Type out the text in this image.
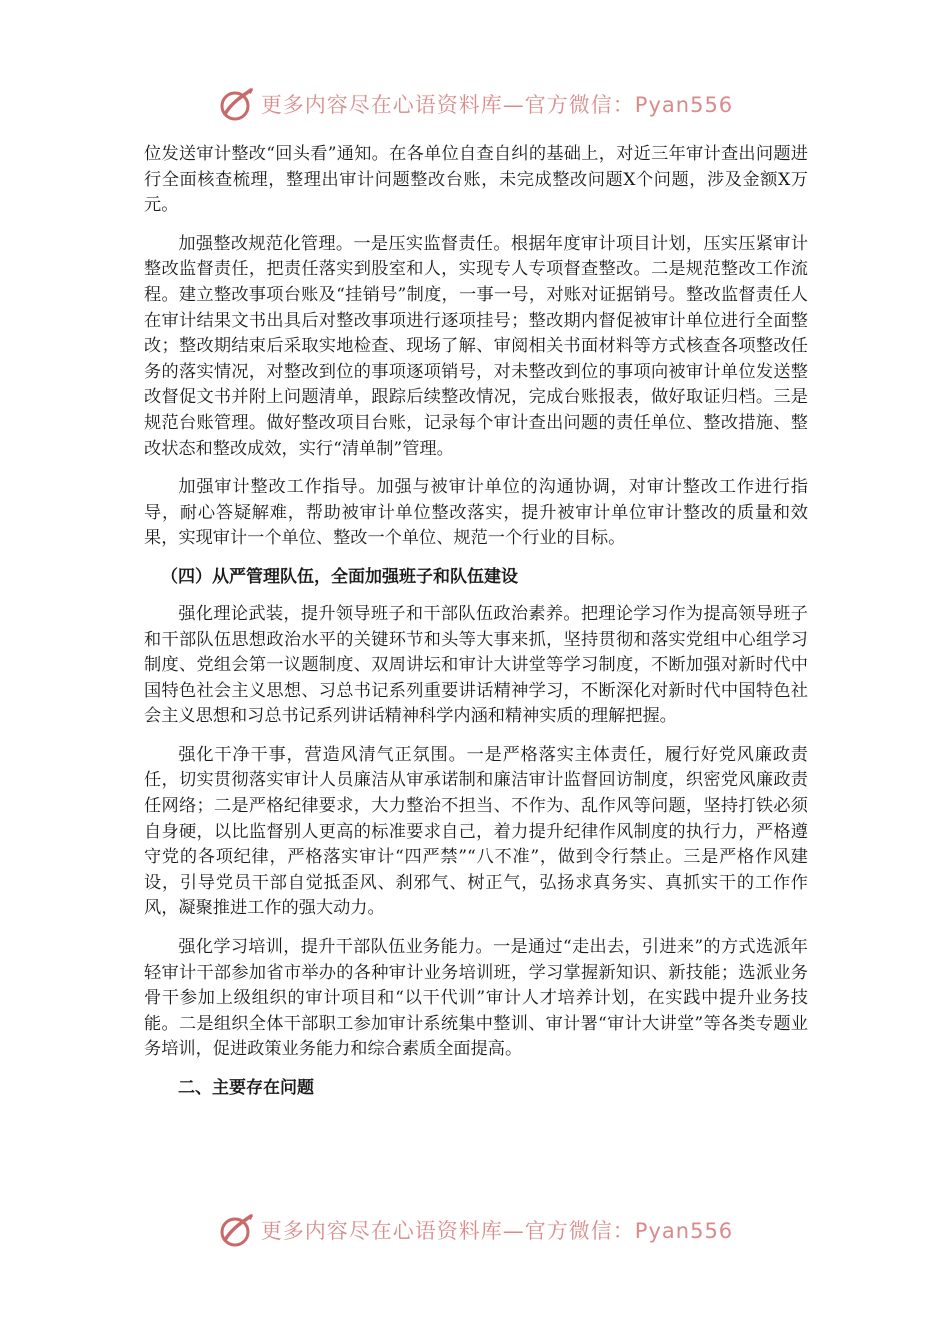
更多内容尽在心语资料库—官方微信：Pyan556

位发送审计整改“回头看”通知。在各单位自查自纠的基础上，对近三年审计查出问题进行全面核查梳理，整理出审计问题整改台账，未完成整改问题X个问题，涉及金额X万元。

加强整改规范化管理。一是压实监督责任。根据年度审计项目计划，压实压紧审计整改监督责任，把责任落实到股室和人，实现专人专项督查整改。二是规范整改工作流程。建立整改事项台账及“挂销号”制度，一事一号，对账对证据销号。整改监督责任人在审计结果文书出具后对整改事项进行逐项挂号；整改期内督促被审计单位进行全面整改；整改期结束后采取实地检查、现场了解、审阅相关书面材料等方式核查各项整改任务的落实情况，对整改到位的事项逐项销号，对未整改到位的事项向被审计单位发送整改督促文书并附上问题清单，跟踪后续整改情况，完成台账报表，做好取证归档。三是规范台账管理。做好整改项目台账，记录每个审计查出问题的责任单位、整改措施、整改状态和整改成效，实行“清单制”管理。

加强审计整改工作指导。加强与被审计单位的沟通协调，对审计整改工作进行指导，耐心答疑解难，帮助被审计单位整改落实，提升被审计单位审计整改的质量和效果，实现审计一个单位、整改一个单位、规范一个行业的目标。

（四）从严管理队伍，全面加强班子和队伍建设

强化理论武装，提升领导班子和干部队伍政治素养。把理论学习作为提高领导班子和干部队伍思想政治水平的关键环节和头等大事来抓，坚持贯彻和落实党组中心组学习制度、党组会第一议题制度、双周讲坛和审计大讲堂等学习制度，不断加强对新时代中国特色社会主义思想、习总书记系列重要讲话精神学习，不断深化对新时代中国特色社会主义思想和习总书记系列讲话精神科学内涵和精神实质的理解把握。

强化干净干事，营造风清气正氛围。一是严格落实主体责任，履行好党风廉政责任，切实贯彻落实审计人员廉洁从审承诺制和廉洁审计监督回访制度，织密党风廉政责任网络；二是严格纪律要求，大力整治不担当、不作为、乱作风等问题，坚持打铁必须自身硬，以比监督别人更高的标准要求自己，着力提升纪律作风制度的执行力，严格遵守党的各项纪律，严格落实审计“四严禁”“八不准”，做到令行禁止。三是严格作风建设，引导党员干部自觉抵歪风、刹邪气、树正气，弘扬求真务实、真抓实干的工作作风，凝聚推进工作的强大动力。

强化学习培训，提升干部队伍业务能力。一是通过“走出去，引进来”的方式选派年轻审计干部参加省市举办的各种审计业务培训班，学习掌握新知识、新技能；选派业务骨干参加上级组织的审计项目和“以干代训”审计人才培养计划，在实践中提升业务技能。二是组织全体干部职工参加审计系统集中整训、审计署“审计大讲堂”等各类专题业务培训，促进政策业务能力和综合素质全面提高。

二、主要存在问题
更多内容尽在心语资料库—官方微信：Pyan556
